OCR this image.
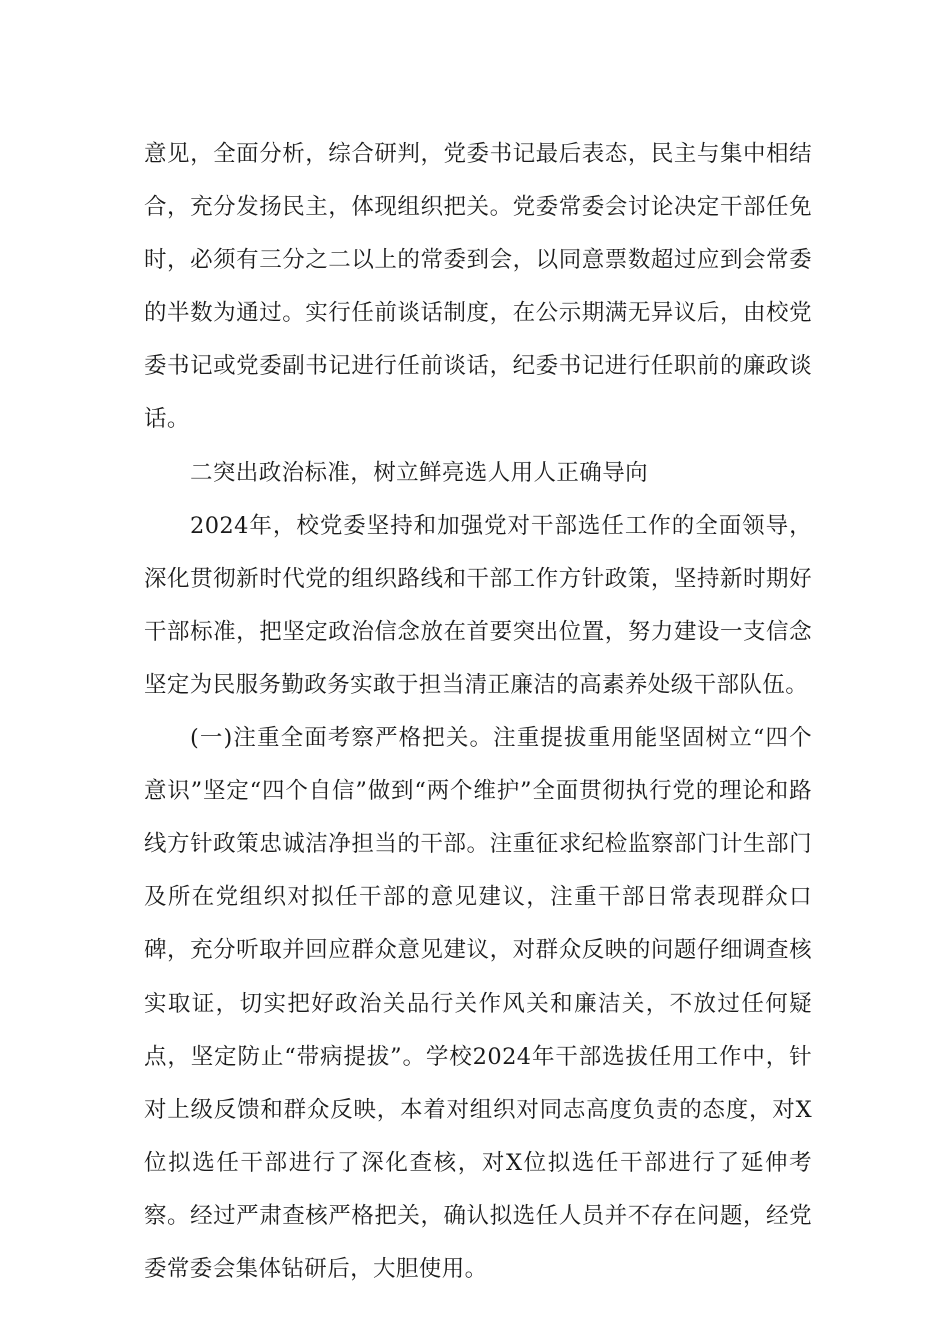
意见，全面分析，综合研判，党委书记最后表态，民主与集中相结合，充分发扬民主，体现组织把关。党委常委会讨论决定干部任免时，必须有三分之二以上的常委到会，以同意票数超过应到会常委的半数为通过。实行任前谈话制度，在公示期满无异议后，由校党委书记或党委副书记进行任前谈话，纪委书记进行任职前的廉政谈话。

二突出政治标准，树立鲜亮选人用人正确导向

2024年，校党委坚持和加强党对干部选任工作的全面领导，深化贯彻新时代党的组织路线和干部工作方针政策，坚持新时期好干部标准，把坚定政治信念放在首要突出位置，努力建设一支信念坚定为民服务勤政务实敢于担当清正廉洁的高素养处级干部队伍。

(一)注重全面考察严格把关。注重提拔重用能坚固树立“四个意识”坚定“四个自信”做到“两个维护”全面贯彻执行党的理论和路线方针政策忠诚洁净担当的干部。注重征求纪检监察部门计生部门及所在党组织对拟任干部的意见建议，注重干部日常表现群众口碑，充分听取并回应群众意见建议，对群众反映的问题仔细调查核实取证，切实把好政治关品行关作风关和廉洁关，不放过任何疑点，坚定防止“带病提拔”。学校2024年干部选拔任用工作中，针对上级反馈和群众反映，本着对组织对同志高度负责的态度，对X位拟选任干部进行了深化查核，对X位拟选任干部进行了延伸考察。经过严肃查核严格把关，确认拟选任人员并不存在问题，经党委常委会集体钻研后，大胆使用。
